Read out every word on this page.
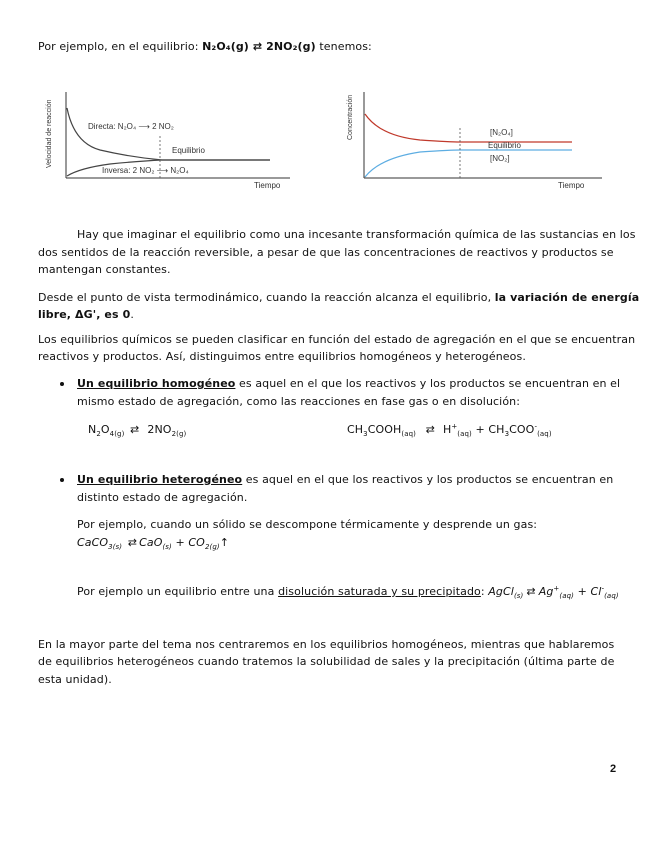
Por ejemplo, en el equilibrio: N₂O₄(g) ⇄ 2NO₂(g) tenemos:
Velocidad de reacción	Directa: N₂O₄ ⟶ 2 NO₂
Equilibrio
Inversa: 2 NO₂ ⟶ N₂O₄
Tiempo
Concentración	[N₂O₄]
Equilibrio
[NO₂]
Tiempo
Hay que imaginar el equilibrio como una incesante transformación química de las sustancias en los
dos sentidos de la reacción reversible, a pesar de que las concentraciones de reactivos y productos se
mantengan constantes.
Desde el punto de vista termodinámico, cuando la reacción alcanza el equilibrio, la variación de energía
libre, ΔG', es 0.
Los equilibrios químicos se pueden clasificar en función del estado de agregación en el que se encuentran
reactivos y productos. Así, distinguimos entre equilibrios homogéneos y heterogéneos.
Un equilibrio homogéneo es aquel en el que los reactivos y los productos se encuentran en el
mismo estado de agregación, como las reacciones en fase gas o en disolución:
$N_2O_{4(g)}$ ⇄ $2NO_{2(g)}$	$CH_3COOH_{(aq)}$ ⇄ $H^+_{(aq)} + CH_3COO^-_{(aq)}$
Un equilibrio heterogéneo es aquel en el que los reactivos y los productos se encuentran en
distinto estado de agregación.
Por ejemplo, cuando un sólido se descompone térmicamente y desprende un gas:
CaCO$_{3(s)}$ ⇄ $CaO_{(s)} + CO_{2(g)}↑$
Por ejemplo un equilibrio entre una disolución saturada y su precipitado: AgCl$_{(s)}$ ⇄ $Ag^+_{(aq)} + Cl^-_{(aq)}$
En la mayor parte del tema nos centraremos en los equilibrios homogéneos, mientras que hablaremos
de equilibrios heterogéneos cuando tratemos la solubilidad de sales y la precipitación (última parte de
esta unidad).
2
